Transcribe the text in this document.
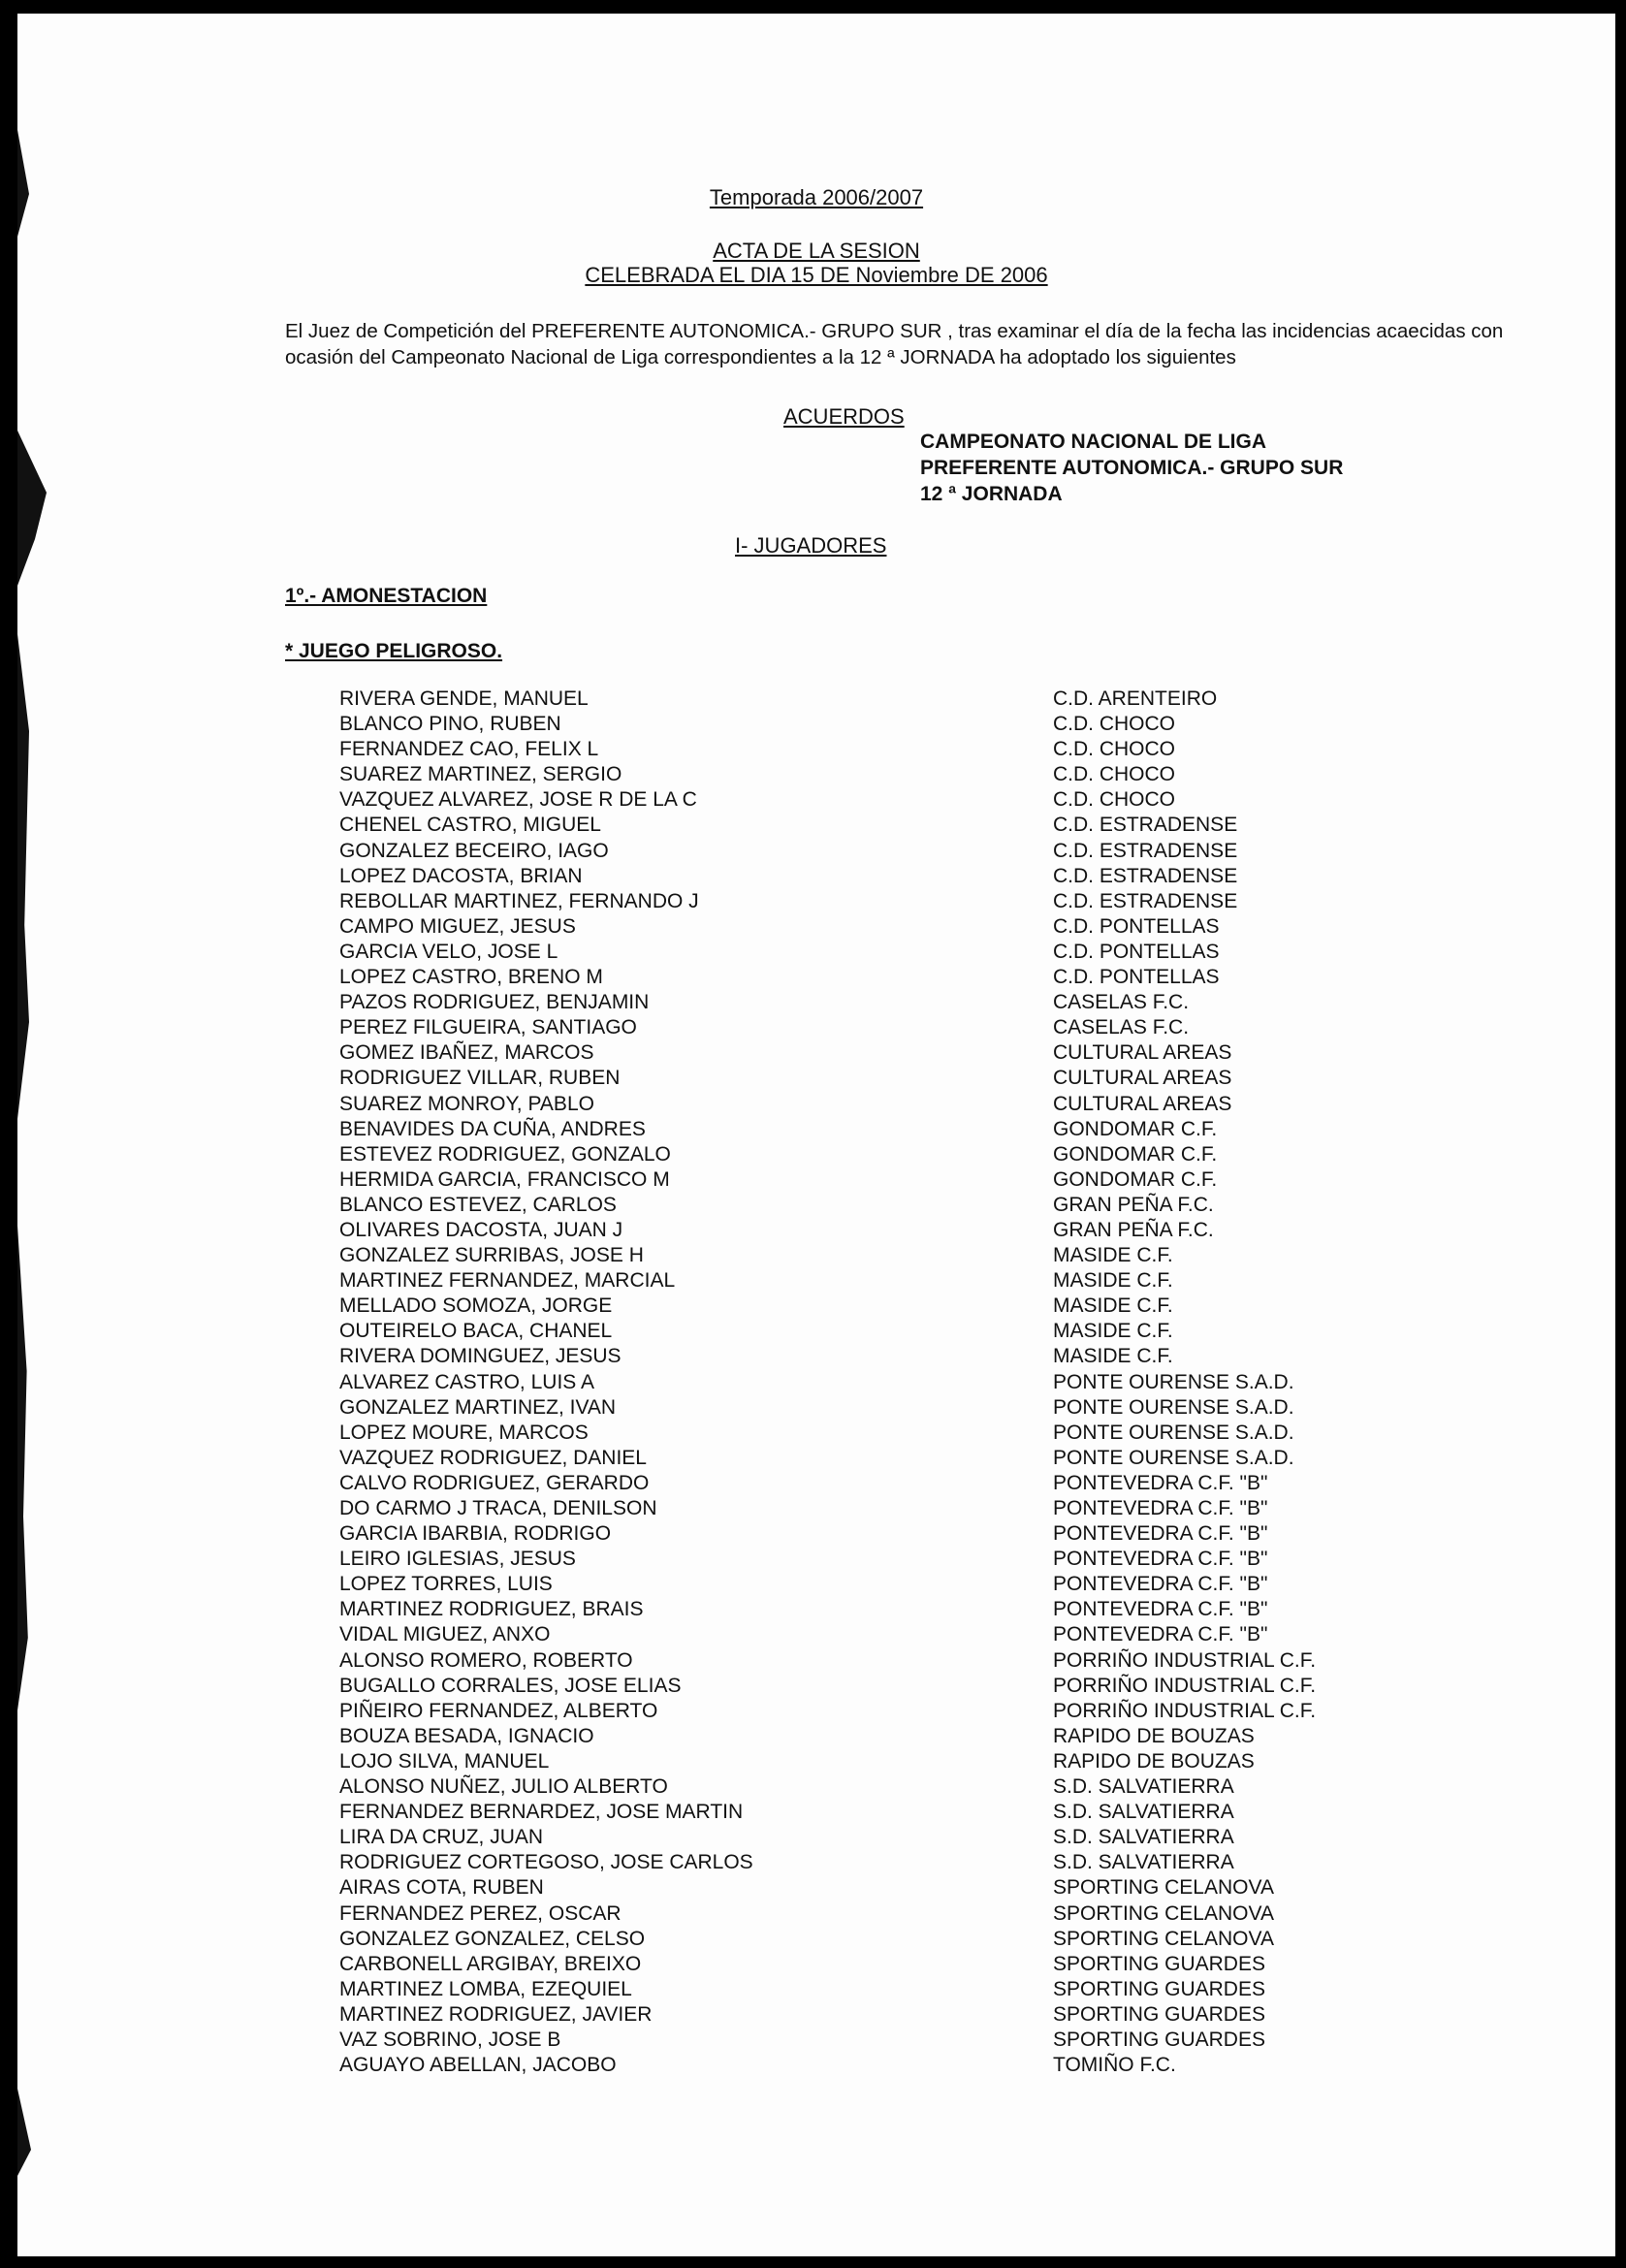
Temporada 2006/2007

ACTA DE LA SESION

CELEBRADA EL DIA 15 DE Noviembre DE 2006

El Juez de Competición del PREFERENTE AUTONOMICA.- GRUPO SUR , tras examinar el día de la fecha las incidencias acaecidas con ocasión del Campeonato Nacional de Liga correspondientes a la 12 ª JORNADA ha adoptado los siguientes

ACUERDOS

CAMPEONATO NACIONAL DE LIGA
PREFERENTE AUTONOMICA.- GRUPO SUR
12 ª JORNADA

I- JUGADORES

1º.- AMONESTACION

* JUEGO PELIGROSO.

RIVERA GENDE, MANUEL	C.D. ARENTEIRO
BLANCO PINO, RUBEN	C.D. CHOCO
FERNANDEZ CAO, FELIX L	C.D. CHOCO
SUAREZ MARTINEZ, SERGIO	C.D. CHOCO
VAZQUEZ ALVAREZ, JOSE R DE LA C	C.D. CHOCO
CHENEL CASTRO, MIGUEL	C.D. ESTRADENSE
GONZALEZ BECEIRO, IAGO	C.D. ESTRADENSE
LOPEZ DACOSTA, BRIAN	C.D. ESTRADENSE
REBOLLAR MARTINEZ, FERNANDO J	C.D. ESTRADENSE
CAMPO MIGUEZ, JESUS	C.D. PONTELLAS
GARCIA VELO, JOSE L	C.D. PONTELLAS
LOPEZ CASTRO, BRENO M	C.D. PONTELLAS
PAZOS RODRIGUEZ, BENJAMIN	CASELAS F.C.
PEREZ FILGUEIRA, SANTIAGO	CASELAS F.C.
GOMEZ IBAÑEZ, MARCOS	CULTURAL AREAS
RODRIGUEZ VILLAR, RUBEN	CULTURAL AREAS
SUAREZ MONROY, PABLO	CULTURAL AREAS
BENAVIDES DA CUÑA, ANDRES	GONDOMAR C.F.
ESTEVEZ RODRIGUEZ, GONZALO	GONDOMAR C.F.
HERMIDA GARCIA, FRANCISCO M	GONDOMAR C.F.
BLANCO ESTEVEZ, CARLOS	GRAN PEÑA F.C.
OLIVARES DACOSTA, JUAN J	GRAN PEÑA F.C.
GONZALEZ SURRIBAS, JOSE H	MASIDE C.F.
MARTINEZ FERNANDEZ, MARCIAL	MASIDE C.F.
MELLADO SOMOZA, JORGE	MASIDE C.F.
OUTEIRELO BACA, CHANEL	MASIDE C.F.
RIVERA DOMINGUEZ, JESUS	MASIDE C.F.
ALVAREZ CASTRO, LUIS A	PONTE OURENSE S.A.D.
GONZALEZ MARTINEZ, IVAN	PONTE OURENSE S.A.D.
LOPEZ MOURE, MARCOS	PONTE OURENSE S.A.D.
VAZQUEZ RODRIGUEZ, DANIEL	PONTE OURENSE S.A.D.
CALVO RODRIGUEZ, GERARDO	PONTEVEDRA C.F. "B"
DO CARMO J TRACA, DENILSON	PONTEVEDRA C.F. "B"
GARCIA IBARBIA, RODRIGO	PONTEVEDRA C.F. "B"
LEIRO IGLESIAS, JESUS	PONTEVEDRA C.F. "B"
LOPEZ TORRES, LUIS	PONTEVEDRA C.F. "B"
MARTINEZ RODRIGUEZ, BRAIS	PONTEVEDRA C.F. "B"
VIDAL MIGUEZ, ANXO	PONTEVEDRA C.F. "B"
ALONSO ROMERO, ROBERTO	PORRIÑO INDUSTRIAL C.F.
BUGALLO CORRALES, JOSE ELIAS	PORRIÑO INDUSTRIAL C.F.
PIÑEIRO FERNANDEZ, ALBERTO	PORRIÑO INDUSTRIAL C.F.
BOUZA BESADA, IGNACIO	RAPIDO DE BOUZAS
LOJO SILVA, MANUEL	RAPIDO DE BOUZAS
ALONSO NUÑEZ, JULIO ALBERTO	S.D. SALVATIERRA
FERNANDEZ BERNARDEZ, JOSE MARTIN	S.D. SALVATIERRA
LIRA DA CRUZ, JUAN	S.D. SALVATIERRA
RODRIGUEZ CORTEGOSO, JOSE CARLOS	S.D. SALVATIERRA
AIRAS COTA, RUBEN	SPORTING CELANOVA
FERNANDEZ PEREZ, OSCAR	SPORTING CELANOVA
GONZALEZ GONZALEZ, CELSO	SPORTING CELANOVA
CARBONELL ARGIBAY, BREIXO	SPORTING GUARDES
MARTINEZ LOMBA, EZEQUIEL	SPORTING GUARDES
MARTINEZ RODRIGUEZ, JAVIER	SPORTING GUARDES
VAZ SOBRINO, JOSE B	SPORTING GUARDES
AGUAYO ABELLAN, JACOBO	TOMIÑO F.C.
